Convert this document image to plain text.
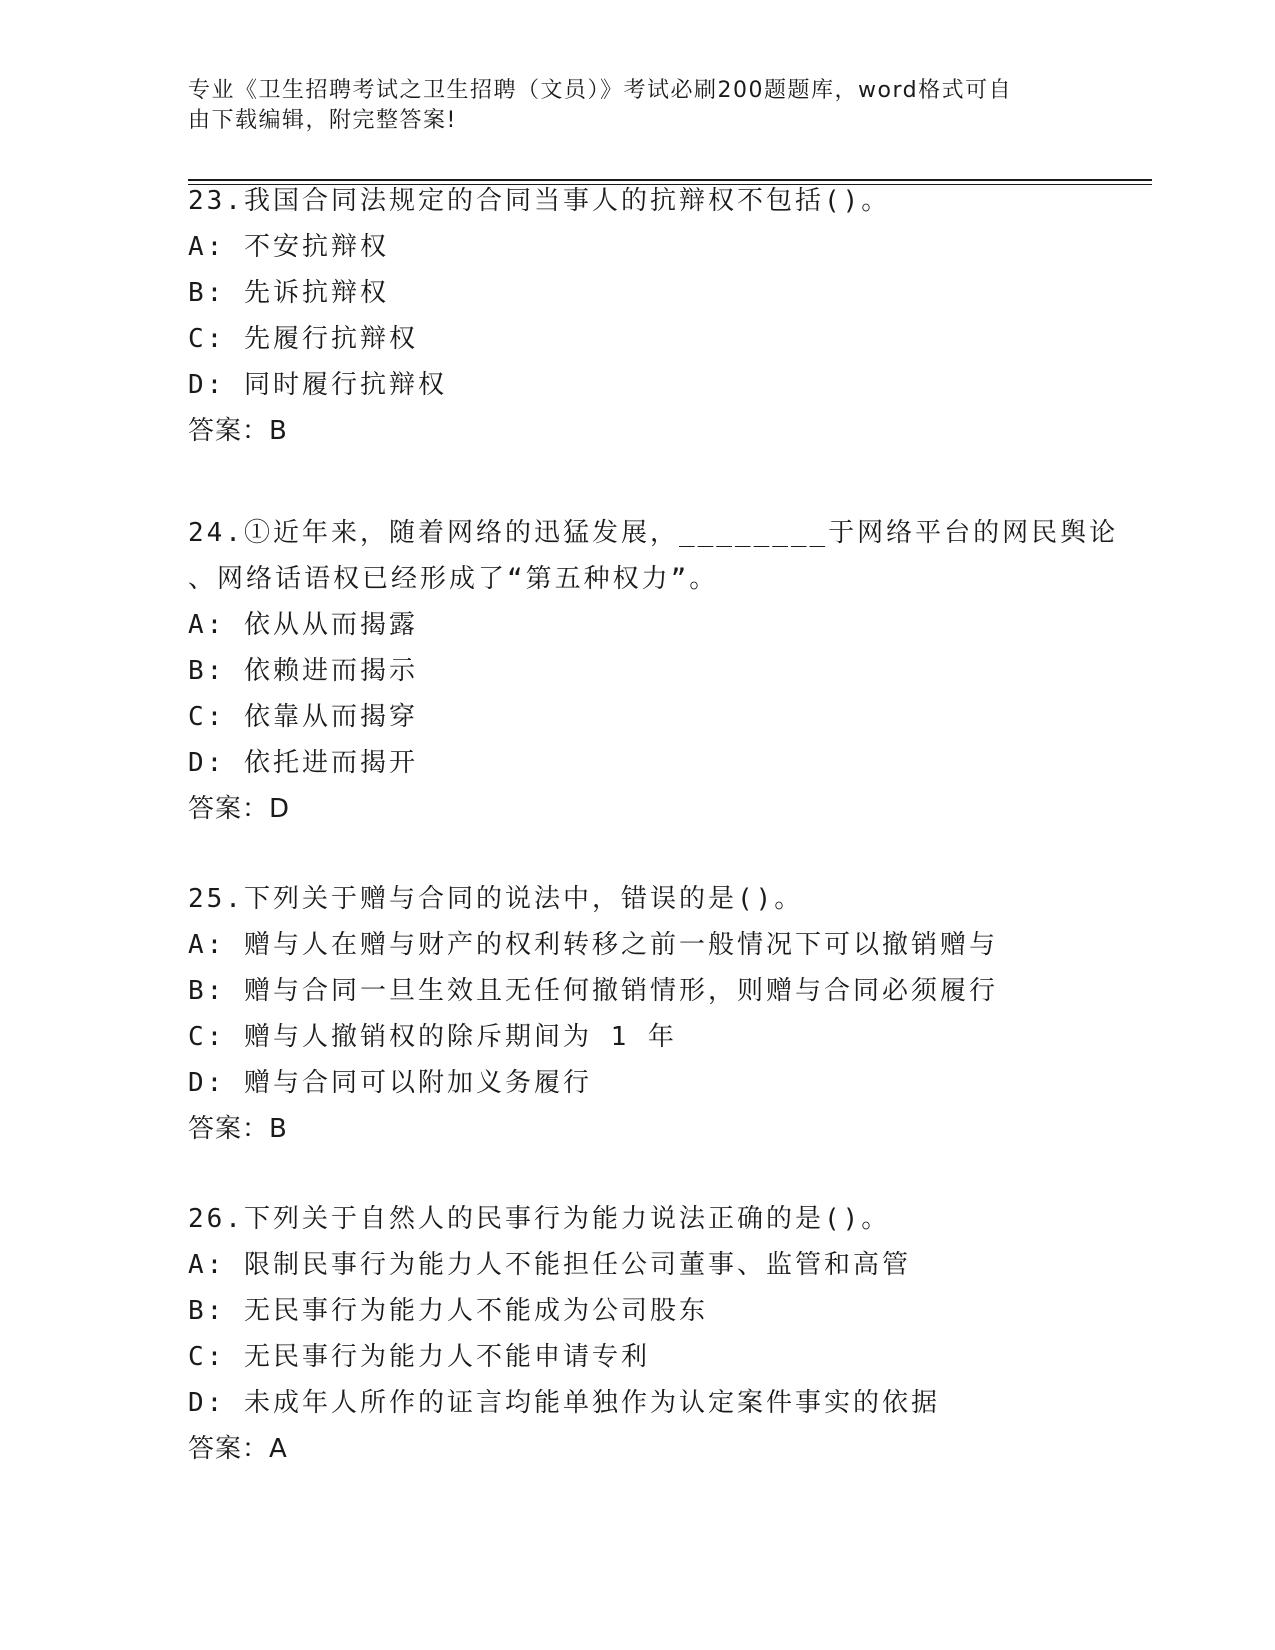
专业《卫生招聘考试之卫生招聘（文员）》考试必刷200题题库，word格式可自
由下载编辑，附完整答案!
23.我国合同法规定的合同当事人的抗辩权不包括()。
A: 不安抗辩权
B: 先诉抗辩权
C: 先履行抗辩权
D: 同时履行抗辩权
答案：B
24.①近年来，随着网络的迅猛发展，________于网络平台的网民舆论
、网络话语权已经形成了“第五种权力”。
A: 依从从而揭露
B: 依赖进而揭示
C: 依靠从而揭穿
D: 依托进而揭开
答案：D
25.下列关于赠与合同的说法中，错误的是()。
A: 赠与人在赠与财产的权利转移之前一般情况下可以撤销赠与
B: 赠与合同一旦生效且无任何撤销情形，则赠与合同必须履行
C: 赠与人撤销权的除斥期间为 1 年
D: 赠与合同可以附加义务履行
答案：B
26.下列关于自然人的民事行为能力说法正确的是()。
A: 限制民事行为能力人不能担任公司董事、监管和高管
B: 无民事行为能力人不能成为公司股东
C: 无民事行为能力人不能申请专利
D: 未成年人所作的证言均能单独作为认定案件事实的依据
答案：A
